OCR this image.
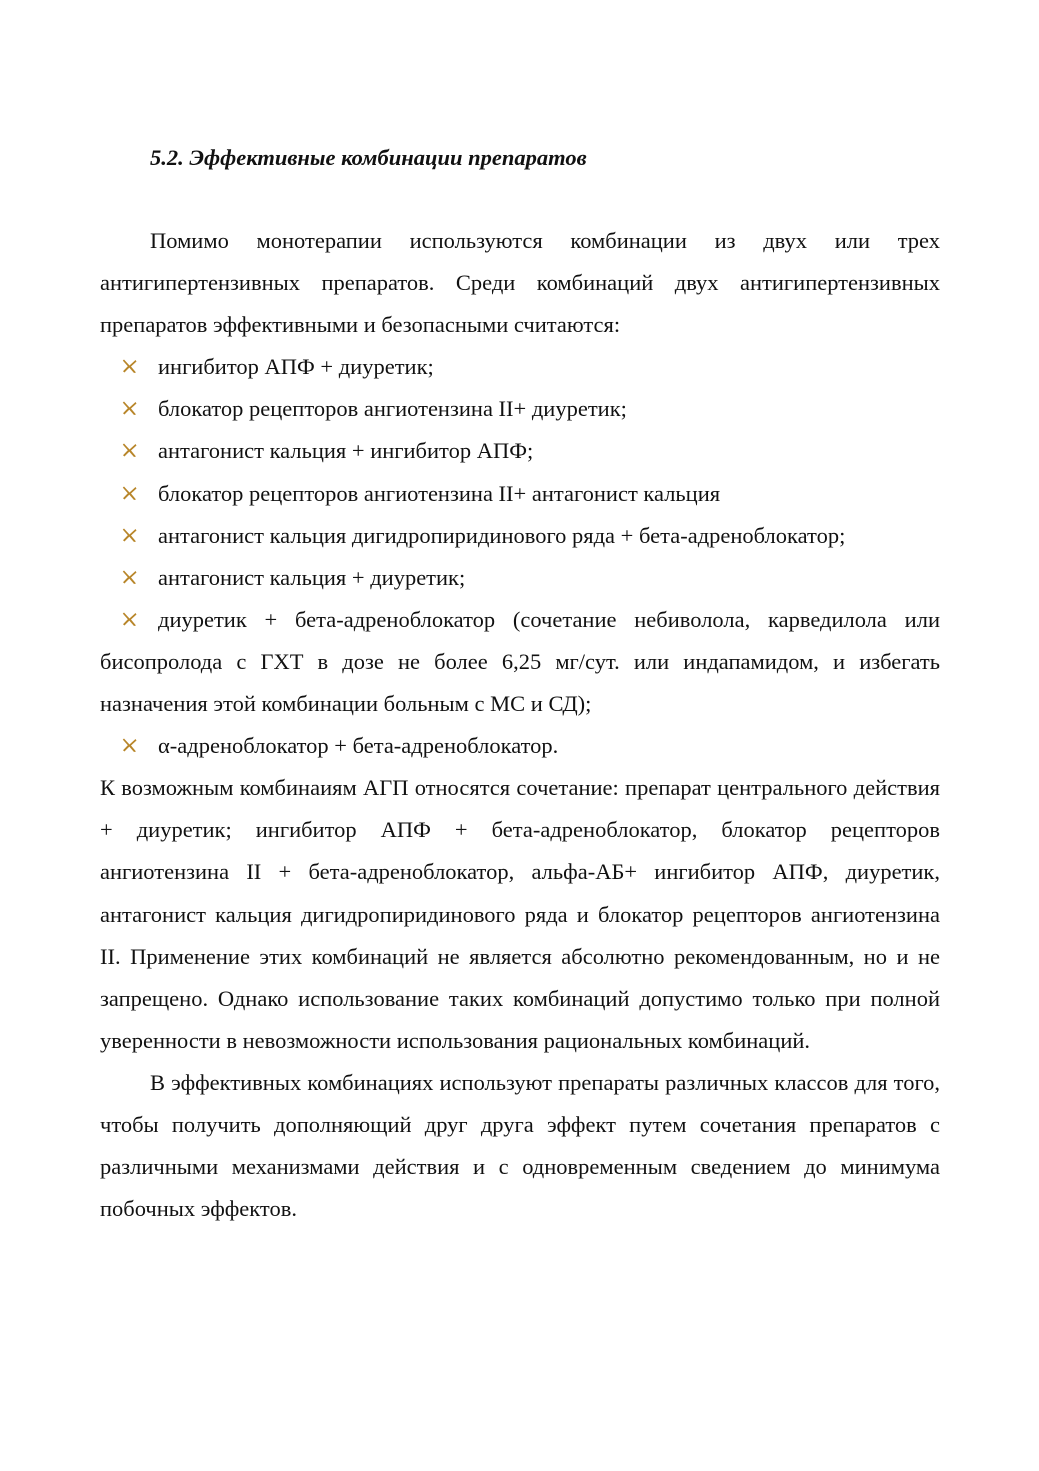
5.2. Эффективные комбинации препаратов

Помимо монотерапии используются комбинации из двух или трех антигипертензивных препаратов. Среди комбинаций двух антигипертензивных препаратов эффективными и безопасными считаются:

ингибитор АПФ + диуретик;
блокатор рецепторов ангиотензина II+ диуретик;
антагонист кальция + ингибитор АПФ;
блокатор рецепторов ангиотензина II+ антагонист кальция
антагонист кальция дигидропиридинового ряда + бета-адреноблокатор;
антагонист кальция + диуретик;
диуретик + бета-адреноблокатор (сочетание небиволола, карведилола или бисопролода с ГХТ в дозе не более 6,25 мг/сут. или индапамидом, и избегать назначения этой комбинации больным с МС и СД);
α-адреноблокатор + бета-адреноблокатор.

К возможным комбинаиям АГП относятся сочетание: препарат центрального действия + диуретик; ингибитор АПФ + бета-адреноблокатор, блокатор рецепторов ангиотензина II + бета-адреноблокатор, альфа-АБ+ ингибитор АПФ, диуретик, антагонист кальция дигидропиридинового ряда и блокатор рецепторов ангиотензина II. Применение этих комбинаций не является абсолютно рекомендованным, но и не запрещено. Однако использование таких комбинаций допустимо только при полной уверенности в невозможности использования рациональных комбинаций.

В эффективных комбинациях используют препараты различных классов для того, чтобы получить дополняющий друг друга эффект путем сочетания препаратов с различными механизмами действия и с одновременным сведением до минимума побочных эффектов.
